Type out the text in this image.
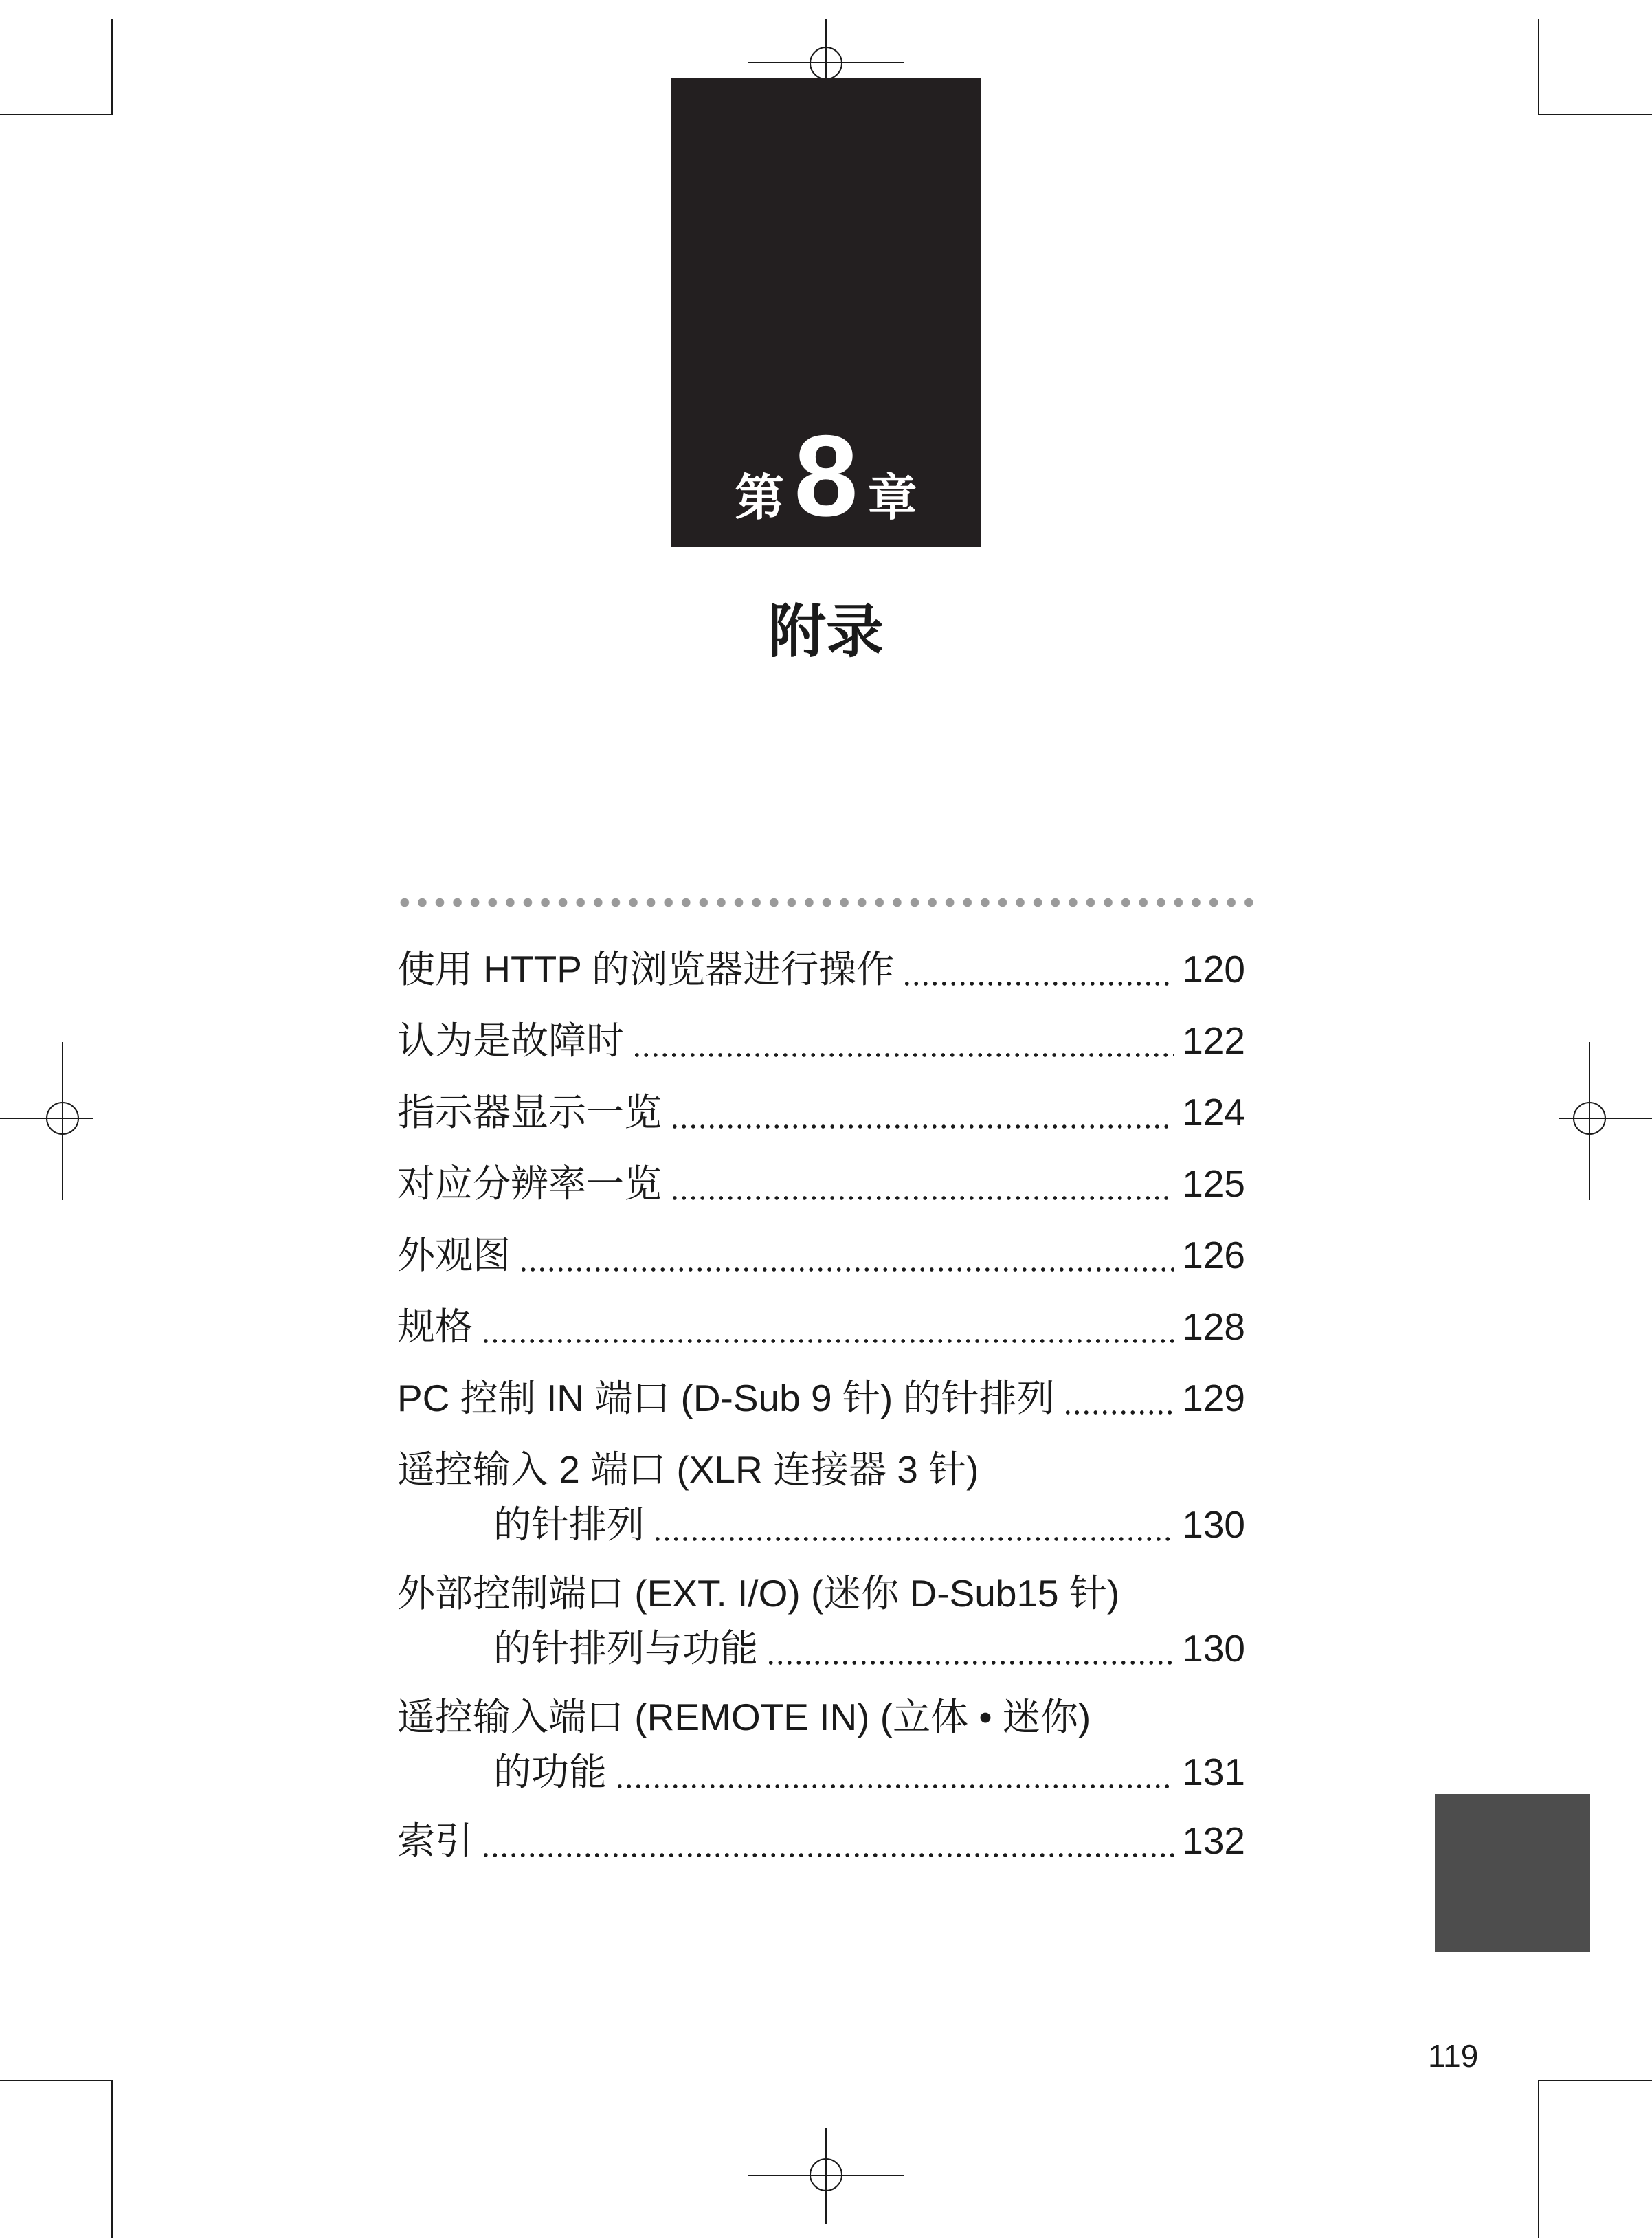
第 8 章
附录
使用 HTTP 的浏览器进行操作	120
认为是故障时	122
指示器显示一览	124
对应分辨率一览	125
外观图	126
规格	128
PC 控制 IN 端口 (D-Sub 9 针) 的针排列	129
遥控输入 2 端口 (XLR 连接器 3 针)
的针排列	130
外部控制端口 (EXT. I/O) (迷你 D-Sub15 针)
的针排列与功能	130
遥控输入端口 (REMOTE IN) (立体 • 迷你)
的功能	131
索引	132
119
